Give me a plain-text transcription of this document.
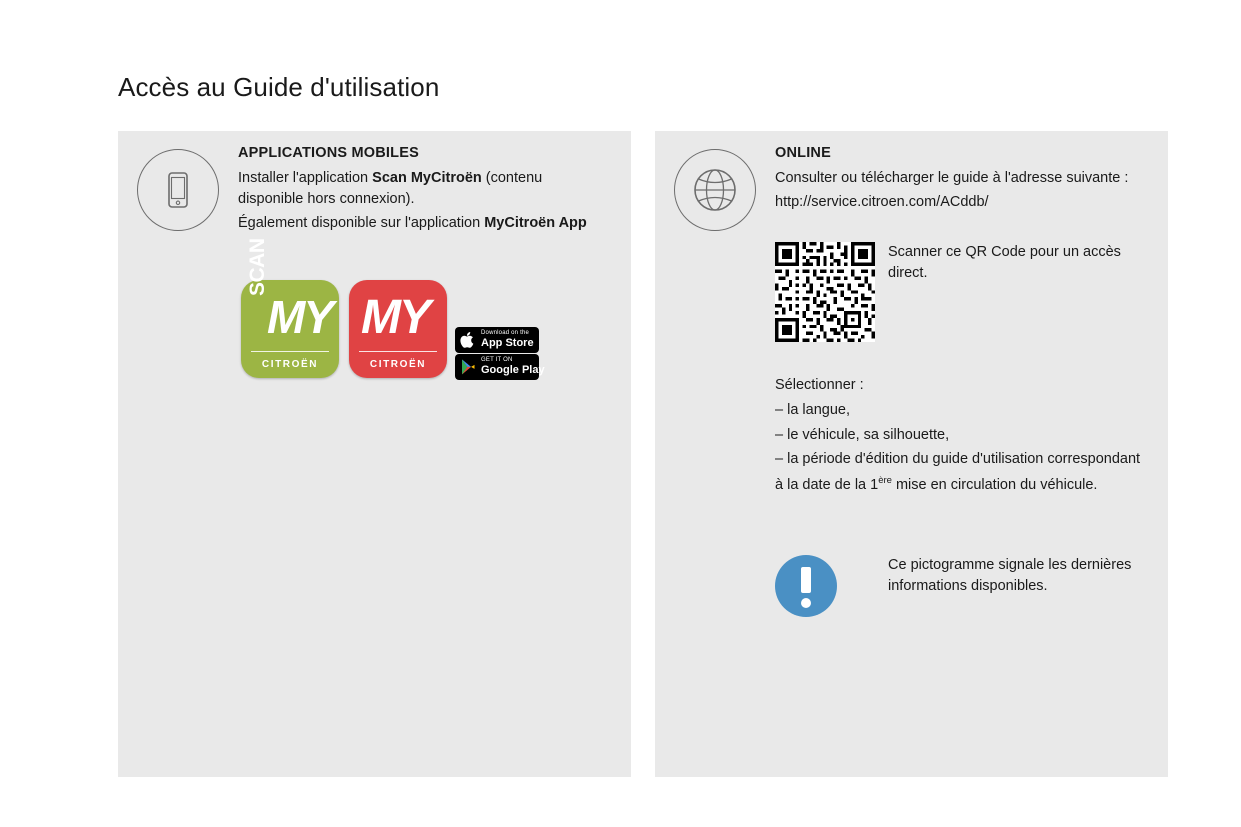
Accès au Guide d'utilisation
APPLICATIONS MOBILES
Installer l'application Scan MyCitroën (contenu disponible hors connexion).
Également disponible sur l'application MyCitroën App
SCAN
MY
CITROËN
MY
CITROËN
Download on the
App Store
GET IT ON
Google Play
ONLINE
Consulter ou télécharger le guide à l'adresse suivante :
http://service.citroen.com/ACddb/
Scanner ce QR Code pour un accès direct.
Sélectionner :
– la langue,
– le véhicule, sa silhouette,
– la période d'édition du guide d'utilisation correspondant à la date de la 1ère mise en circulation du véhicule.
Ce pictogramme signale les dernières informations disponibles.
